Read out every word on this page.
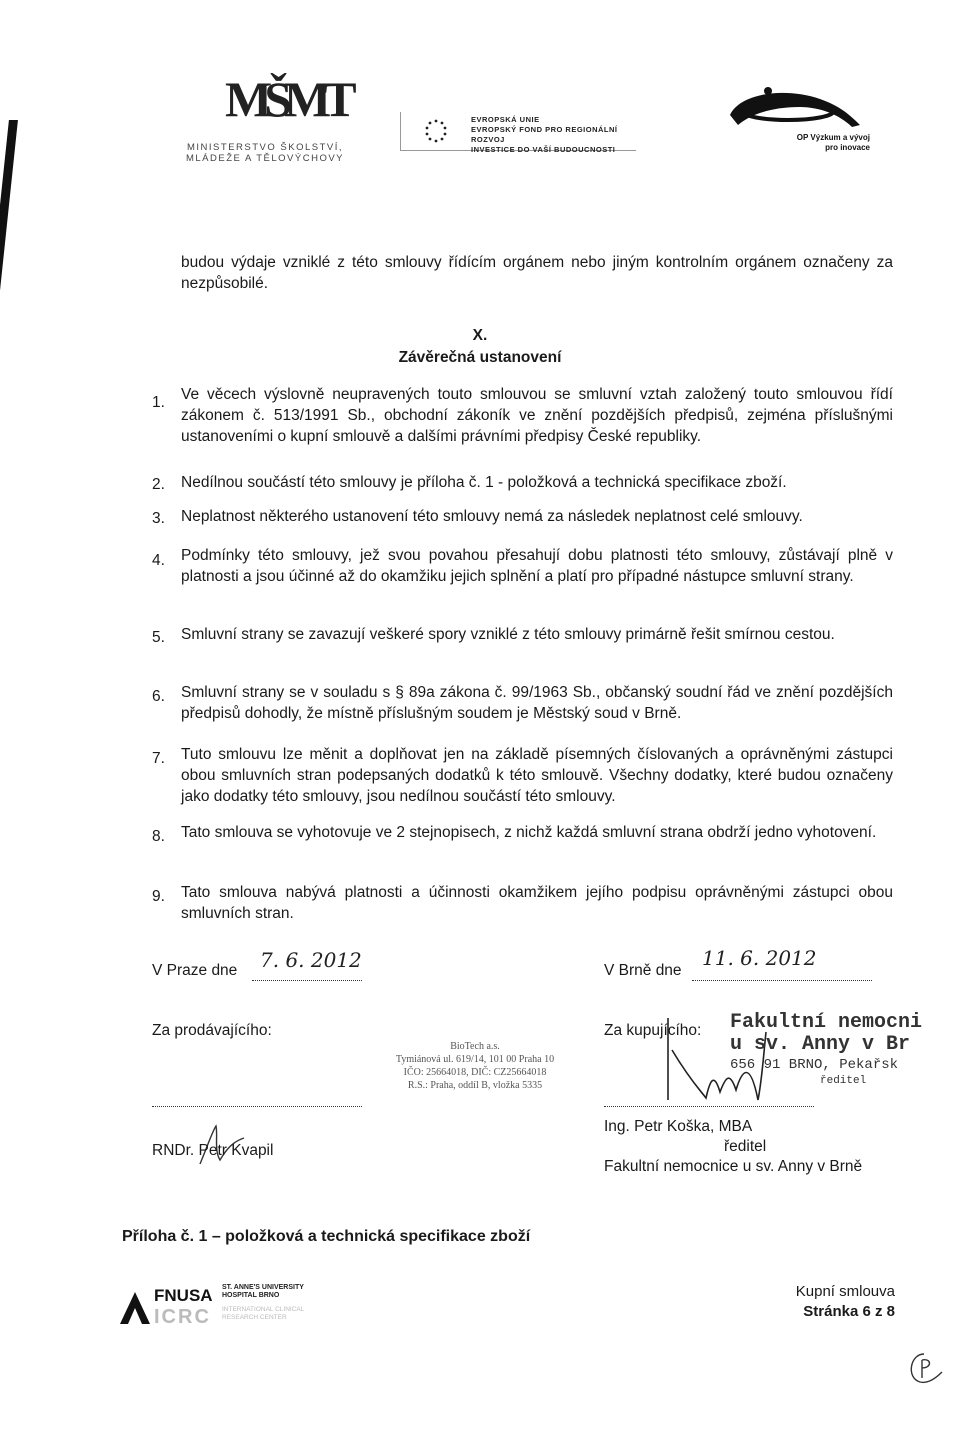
MŠMT
MINISTERSTVO ŠKOLSTVÍ,
MLÁDEŽE A TĚLOVÝCHOVY
EVROPSKÁ UNIE
EVROPSKÝ FOND PRO REGIONÁLNÍ ROZVOJ
INVESTICE DO VAŠÍ BUDOUCNOSTI
OP Výzkum a vývoj
pro inovace
budou výdaje vzniklé z této smlouvy řídícím orgánem nebo jiným kontrolním orgánem označeny za nezpůsobilé.
X.
Závěrečná ustanovení
1.	Ve věcech výslovně neupravených touto smlouvou se smluvní vztah založený touto smlouvou řídí zákonem č. 513/1991 Sb., obchodní zákoník ve znění pozdějších předpisů, zejména příslušnými ustanoveními o kupní smlouvě a dalšími právními předpisy České republiky.
2.	Nedílnou součástí této smlouvy je příloha č. 1 - položková a technická specifikace zboží.
3.	Neplatnost některého ustanovení této smlouvy nemá za následek neplatnost celé smlouvy.
4.	Podmínky této smlouvy, jež svou povahou přesahují dobu platnosti této smlouvy, zůstávají plně v platnosti a jsou účinné až do okamžiku jejich splnění a platí pro případné nástupce smluvní strany.
5.	Smluvní strany se zavazují veškeré spory vzniklé z této smlouvy primárně řešit smírnou cestou.
6.	Smluvní strany se v souladu s § 89a zákona č. 99/1963 Sb., občanský soudní řád ve znění pozdějších předpisů dohodly, že místně příslušným soudem je Městský soud v Brně.
7.	Tuto smlouvu lze měnit a doplňovat jen na základě písemných číslovaných a oprávněnými zástupci obou smluvních stran podepsaných dodatků k této smlouvě. Všechny dodatky, které budou označeny jako dodatky této smlouvy, jsou nedílnou součástí této smlouvy.
8.	Tato smlouva se vyhotovuje ve 2 stejnopisech, z nichž každá smluvní strana obdrží jedno vyhotovení.
9.	Tato smlouva nabývá platnosti a účinnosti okamžikem jejího podpisu oprávněnými zástupci obou smluvních stran.
V Praze dne 7. 6. 2012	V Brně dne
11. 6. 2012
Za prodávajícího:
BioTech a.s.
Tymiánová ul. 619/14, 101 00 Praha 10
IČO: 25664018, DIČ: CZ25664018
R.S.: Praha, oddíl B, vložka 5335
RNDr. Petr Kvapil
Za kupujícího: Fakultní nemocni
u sv. Anny v Br
656 91 BRNO, Pekařsk
ředitel
Ing. Petr Koška, MBA
ředitel
Fakultní nemocnice u sv. Anny v Brně
Příloha č. 1 – položková a technická specifikace zboží
FNUSA
ICRC
ST. ANNE'S UNIVERSITY
HOSPITAL BRNO
INTERNATIONAL CLINICAL
RESEARCH CENTER
Kupní smlouva
Stránka 6 z 8
